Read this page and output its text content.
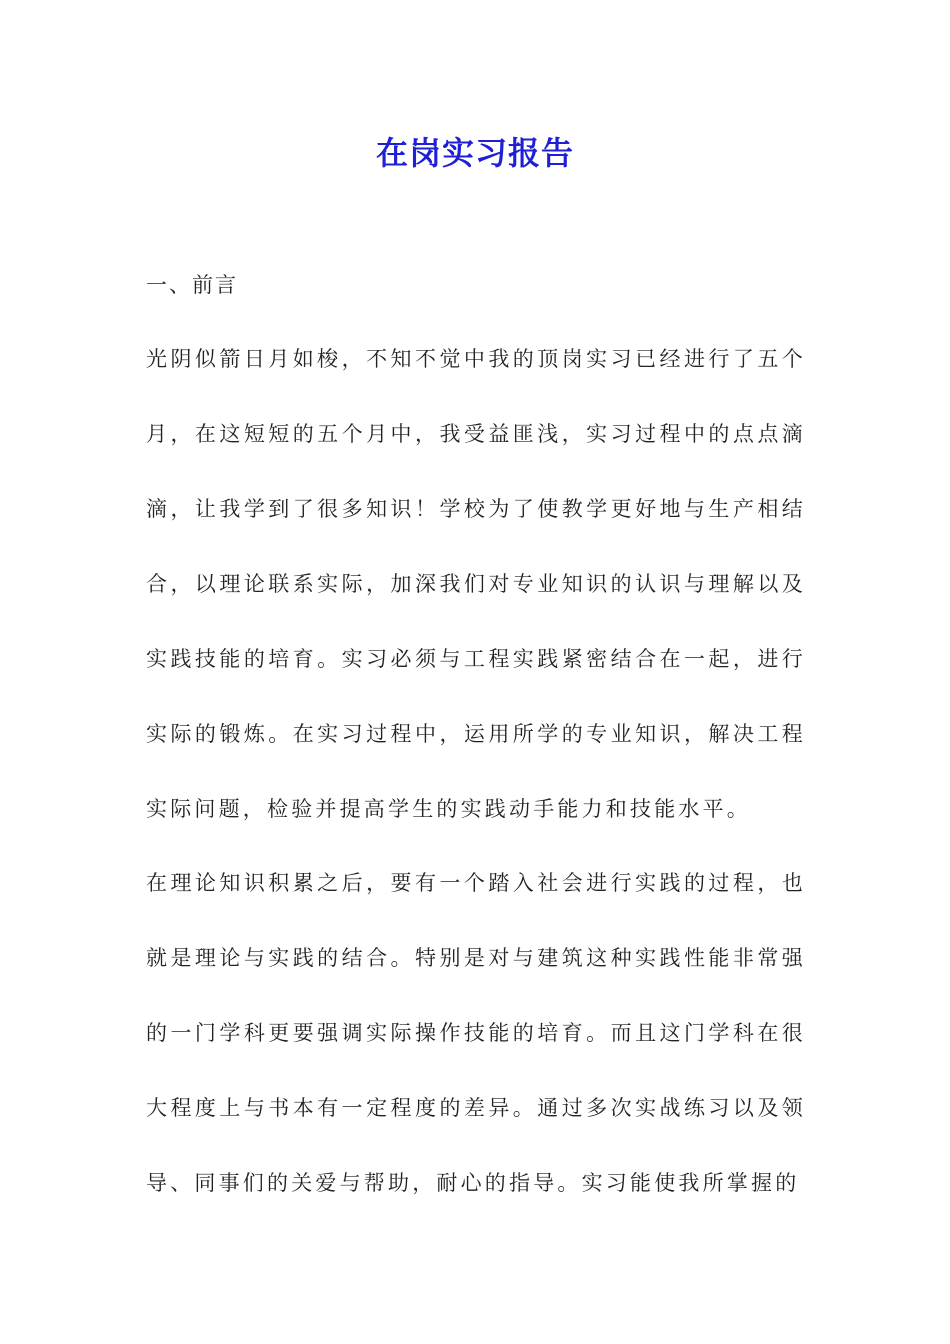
在岗实习报告
一、前言

光阴似箭日月如梭，不知不觉中我的顶岗实习已经进行了五个月，在这短短的五个月中，我受益匪浅，实习过程中的点点滴滴，让我学到了很多知识！学校为了使教学更好地与生产相结合，以理论联系实际，加深我们对专业知识的认识与理解以及实践技能的培育。实习必须与工程实践紧密结合在一起，进行实际的锻炼。在实习过程中，运用所学的专业知识，解决工程实际问题，检验并提高学生的实践动手能力和技能水平。

在理论知识积累之后，要有一个踏入社会进行实践的过程，也就是理论与实践的结合。特别是对与建筑这种实践性能非常强的一门学科更要强调实际操作技能的培育。而且这门学科在很大程度上与书本有一定程度的差异。通过多次实战练习以及领导、同事们的关爱与帮助，耐心的指导。实习能使我所掌握的
